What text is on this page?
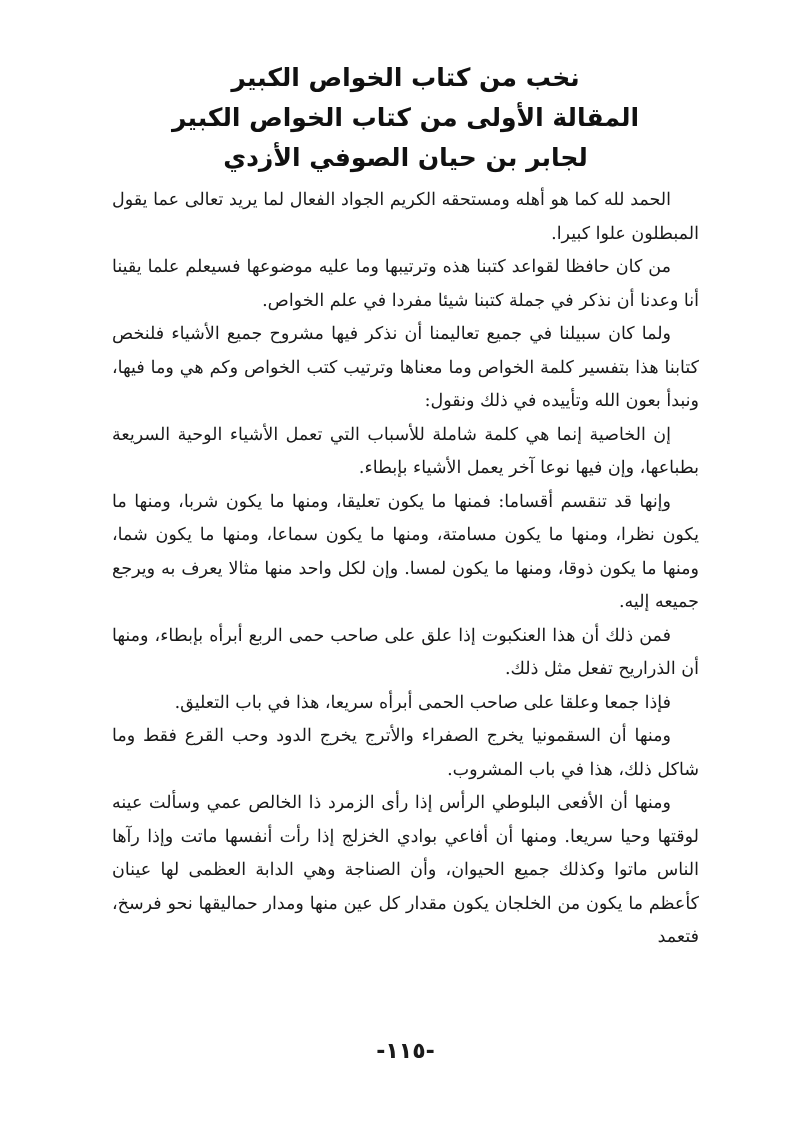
نخب من كتاب الخواص الكبير
المقالة الأولى من كتاب الخواص الكبير
لجابر بن حيان الصوفي الأزدي

الحمد لله كما هو أهله ومستحقه الكريم الجواد الفعال لما يريد تعالى عما يقول المبطلون علوا كبيرا.

من كان حافظا لقواعد كتبنا هذه وترتيبها وما عليه موضوعها فسيعلم علما يقينا أنا وعدنا أن نذكر في جملة كتبنا شيئا مفردا في علم الخواص.

ولما كان سبيلنا في جميع تعاليمنا أن نذكر فيها مشروح جميع الأشياء فلنخص كتابنا هذا بتفسير كلمة الخواص وما معناها وترتيب كتب الخواص وكم هي وما فيها، ونبدأ بعون الله وتأييده في ذلك ونقول:

إن الخاصية إنما هي كلمة شاملة للأسباب التي تعمل الأشياء الوحية السريعة بطباعها، وإن فيها نوعا آخر يعمل الأشياء بإبطاء.

وإنها قد تنقسم أقساما: فمنها ما يكون تعليقا، ومنها ما يكون شربا، ومنها ما يكون نظرا، ومنها ما يكون مسامتة، ومنها ما يكون سماعا، ومنها ما يكون شما، ومنها ما يكون ذوقا، ومنها ما يكون لمسا. وإن لكل واحد منها مثالا يعرف به ويرجع جميعه إليه.

فمن ذلك أن هذا العنكبوت إذا علق على صاحب حمى الربع أبرأه بإبطاء، ومنها أن الذراريح تفعل مثل ذلك.

فإذا جمعا وعلقا على صاحب الحمى أبرأه سريعا، هذا في باب التعليق.

ومنها أن السقمونيا يخرج الصفراء والأترج يخرج الدود وحب القرع فقط وما شاكل ذلك، هذا في باب المشروب.

ومنها أن الأفعى البلوطي الرأس إذا رأى الزمرد ذا الخالص عمي وسألت عينه لوقتها وحيا سريعا. ومنها أن أفاعي بوادي الخزلج إذا رأت أنفسها ماتت وإذا رآها الناس ماتوا وكذلك جميع الحيوان، وأن الصناجة وهي الدابة العظمى لها عينان كأعظم ما يكون من الخلجان يكون مقدار كل عين منها ومدار حماليقها نحو فرسخ، فتعمد

-١١٥-
